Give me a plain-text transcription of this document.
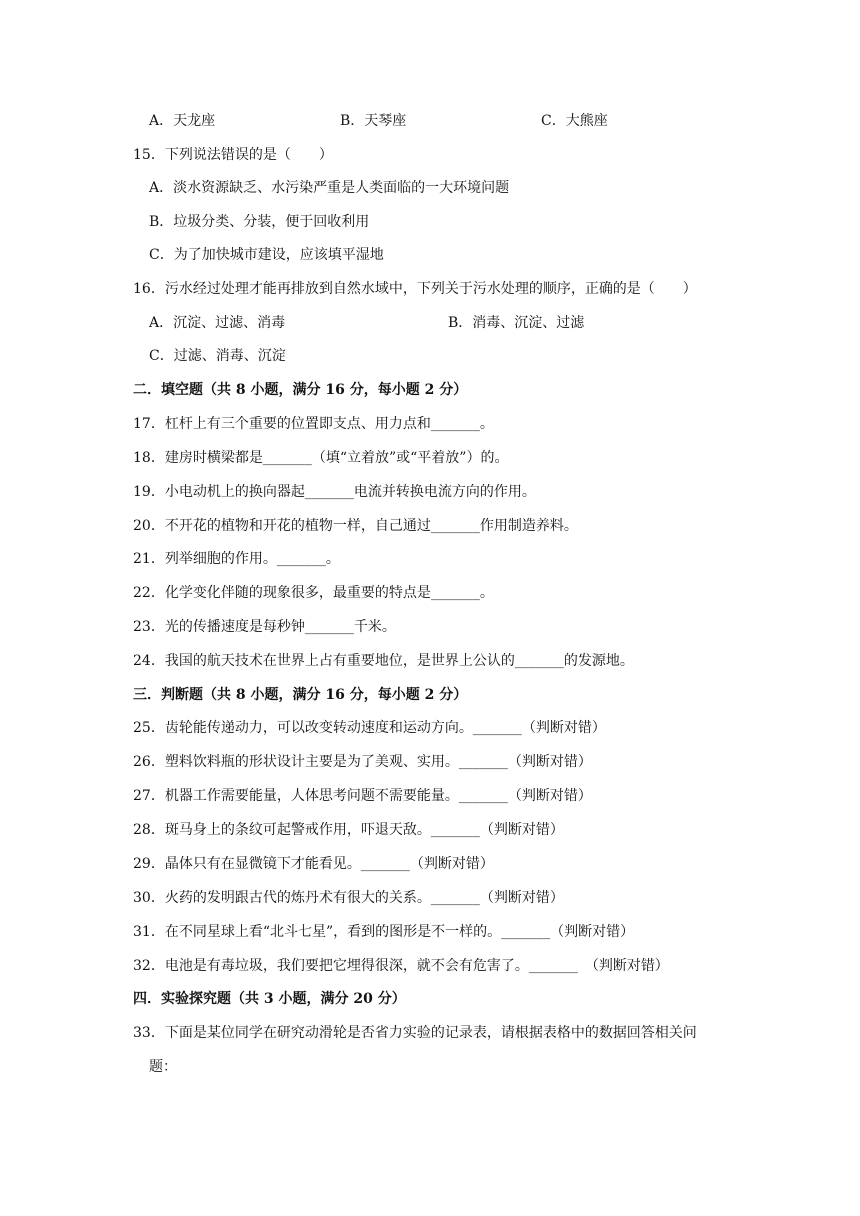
A．天龙座	B．天琴座	C．大熊座
15．下列说法错误的是（　　）
A．淡水资源缺乏、水污染严重是人类面临的一大环境问题
B．垃圾分类、分装，便于回收利用
C．为了加快城市建设，应该填平湿地
16．污水经过处理才能再排放到自然水域中，下列关于污水处理的顺序，正确的是（　　）
A．沉淀、过滤、消毒	B．消毒、沉淀、过滤
C．过滤、消毒、沉淀
二．填空题（共 8 小题，满分 16 分，每小题 2 分）
17．杠杆上有三个重要的位置即支点、用力点和_______。
18．建房时横梁都是_______（填“立着放”或“平着放”）的。
19．小电动机上的换向器起_______电流并转换电流方向的作用。
20．不开花的植物和开花的植物一样，自己通过_______作用制造养料。
21．列举细胞的作用。_______。
22．化学变化伴随的现象很多，最重要的特点是_______。
23．光的传播速度是每秒钟_______千米。
24．我国的航天技术在世界上占有重要地位，是世界上公认的_______的发源地。
三．判断题（共 8 小题，满分 16 分，每小题 2 分）
25．齿轮能传递动力，可以改变转动速度和运动方向。_______（判断对错）
26．塑料饮料瓶的形状设计主要是为了美观、实用。_______（判断对错）
27．机器工作需要能量，人体思考问题不需要能量。_______（判断对错）
28．斑马身上的条纹可起警戒作用，吓退天敌。_______（判断对错）
29．晶体只有在显微镜下才能看见。_______（判断对错）
30．火药的发明跟古代的炼丹术有很大的关系。_______（判断对错）
31．在不同星球上看“北斗七星”，看到的图形是不一样的。_______（判断对错）
32．电池是有毒垃圾，我们要把它埋得很深，就不会有危害了。_______　（判断对错）
四．实验探究题（共 3 小题，满分 20 分）
33．下面是某位同学在研究动滑轮是否省力实验的记录表，请根据表格中的数据回答相关问
题：
